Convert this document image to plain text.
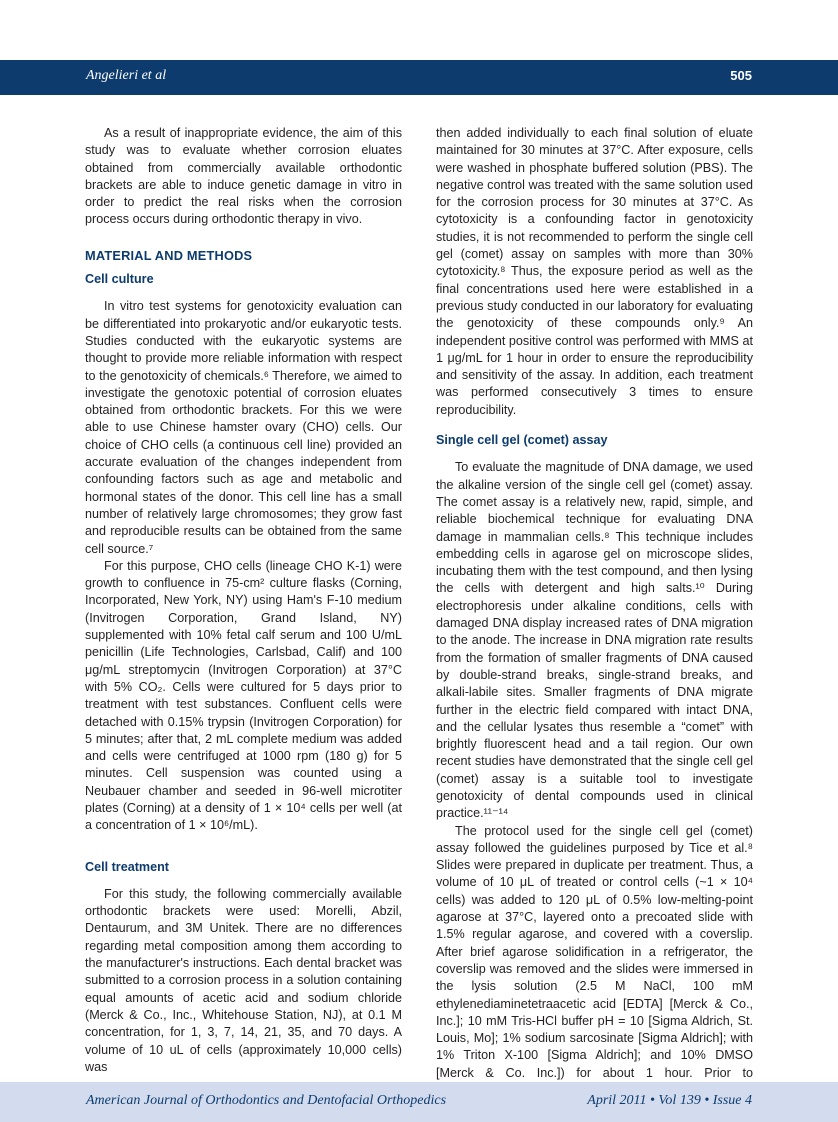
Angelieri et al	505

As a result of inappropriate evidence, the aim of this study was to evaluate whether corrosion eluates obtained from commercially available orthodontic brackets are able to induce genetic damage in vitro in order to predict the real risks when the corrosion process occurs during orthodontic therapy in vivo.

MATERIAL AND METHODS
Cell culture

In vitro test systems for genotoxicity evaluation can be differentiated into prokaryotic and/or eukaryotic tests. Studies conducted with the eukaryotic systems are thought to provide more reliable information with respect to the genotoxicity of chemicals.⁶ Therefore, we aimed to investigate the genotoxic potential of corrosion eluates obtained from orthodontic brackets. For this we were able to use Chinese hamster ovary (CHO) cells. Our choice of CHO cells (a continuous cell line) provided an accurate evaluation of the changes independent from confounding factors such as age and metabolic and hormonal states of the donor. This cell line has a small number of relatively large chromosomes; they grow fast and reproducible results can be obtained from the same cell source.⁷

For this purpose, CHO cells (lineage CHO K-1) were growth to confluence in 75-cm² culture flasks (Corning, Incorporated, New York, NY) using Ham's F-10 medium (Invitrogen Corporation, Grand Island, NY) supplemented with 10% fetal calf serum and 100 U/mL penicillin (Life Technologies, Carlsbad, Calif) and 100 μg/mL streptomycin (Invitrogen Corporation) at 37°C with 5% CO₂. Cells were cultured for 5 days prior to treatment with test substances. Confluent cells were detached with 0.15% trypsin (Invitrogen Corporation) for 5 minutes; after that, 2 mL complete medium was added and cells were centrifuged at 1000 rpm (180 g) for 5 minutes. Cell suspension was counted using a Neubauer chamber and seeded in 96-well microtiter plates (Corning) at a density of 1 × 10⁴ cells per well (at a concentration of 1 × 10⁶/mL).

Cell treatment

For this study, the following commercially available orthodontic brackets were used: Morelli, Abzil, Dentaurum, and 3M Unitek. There are no differences regarding metal composition among them according to the manufacturer's instructions. Each dental bracket was submitted to a corrosion process in a solution containing equal amounts of acetic acid and sodium chloride (Merck & Co., Inc., Whitehouse Station, NJ), at 0.1 M concentration, for 1, 3, 7, 14, 21, 35, and 70 days. A volume of 10 uL of cells (approximately 10,000 cells) was

then added individually to each final solution of eluate maintained for 30 minutes at 37°C. After exposure, cells were washed in phosphate buffered solution (PBS). The negative control was treated with the same solution used for the corrosion process for 30 minutes at 37°C. As cytotoxicity is a confounding factor in genotoxicity studies, it is not recommended to perform the single cell gel (comet) assay on samples with more than 30% cytotoxicity.⁸ Thus, the exposure period as well as the final concentrations used here were established in a previous study conducted in our laboratory for evaluating the genotoxicity of these compounds only.⁹ An independent positive control was performed with MMS at 1 μg/mL for 1 hour in order to ensure the reproducibility and sensitivity of the assay. In addition, each treatment was performed consecutively 3 times to ensure reproducibility.

Single cell gel (comet) assay

To evaluate the magnitude of DNA damage, we used the alkaline version of the single cell gel (comet) assay. The comet assay is a relatively new, rapid, simple, and reliable biochemical technique for evaluating DNA damage in mammalian cells.⁸ This technique includes embedding cells in agarose gel on microscope slides, incubating them with the test compound, and then lysing the cells with detergent and high salts.¹⁰ During electrophoresis under alkaline conditions, cells with damaged DNA display increased rates of DNA migration to the anode. The increase in DNA migration rate results from the formation of smaller fragments of DNA caused by double-strand breaks, single-strand breaks, and alkali-labile sites. Smaller fragments of DNA migrate further in the electric field compared with intact DNA, and the cellular lysates thus resemble a “comet” with brightly fluorescent head and a tail region. Our own recent studies have demonstrated that the single cell gel (comet) assay is a suitable tool to investigate genotoxicity of dental compounds used in clinical practice.¹¹⁻¹⁴

The protocol used for the single cell gel (comet) assay followed the guidelines purposed by Tice et al.⁸ Slides were prepared in duplicate per treatment. Thus, a volume of 10 μL of treated or control cells (~1 × 10⁴ cells) was added to 120 μL of 0.5% low-melting-point agarose at 37°C, layered onto a precoated slide with 1.5% regular agarose, and covered with a coverslip. After brief agarose solidification in a refrigerator, the coverslip was removed and the slides were immersed in the lysis solution (2.5 M NaCl, 100 mM ethylenediaminetetraacetic acid [EDTA] [Merck & Co., Inc.]; 10 mM Tris-HCl buffer pH = 10 [Sigma Aldrich, St. Louis, Mo]; 1% sodium sarcosinate [Sigma Aldrich]; with 1% Triton X-100 [Sigma Aldrich]; and 10% DMSO [Merck & Co. Inc.]) for about 1 hour. Prior to

American Journal of Orthodontics and Dentofacial Orthopedics	April 2011 • Vol 139 • Issue 4
